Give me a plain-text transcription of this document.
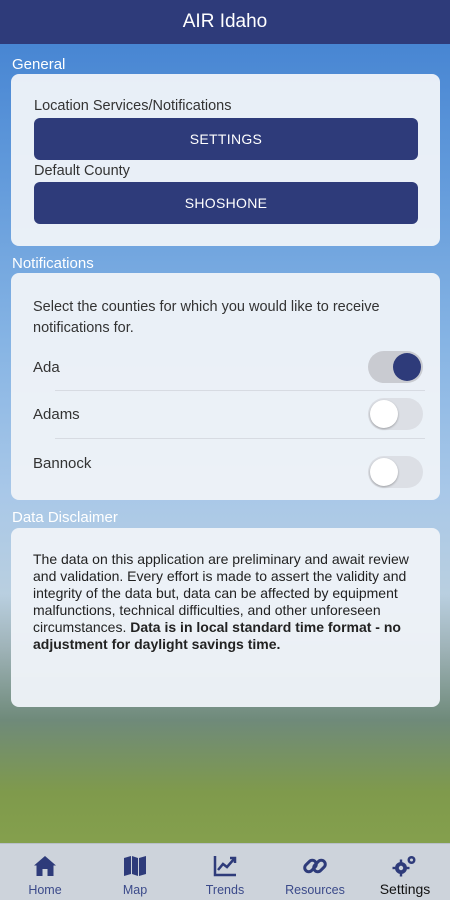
AIR Idaho
General
Location Services/Notifications
SETTINGS
Default County
SHOSHONE
Notifications
Select the counties for which you would like to receive notifications for.
Ada
Adams
Bannock
Data Disclaimer
The data on this application are preliminary and await review and validation. Every effort is made to assert the validity and integrity of the data but, data can be affected by equipment malfunctions, technical difficulties, and other unforeseen circumstances. Data is in local standard time format - no adjustment for daylight savings time.
Home	Map	Trends	Resources Settings
